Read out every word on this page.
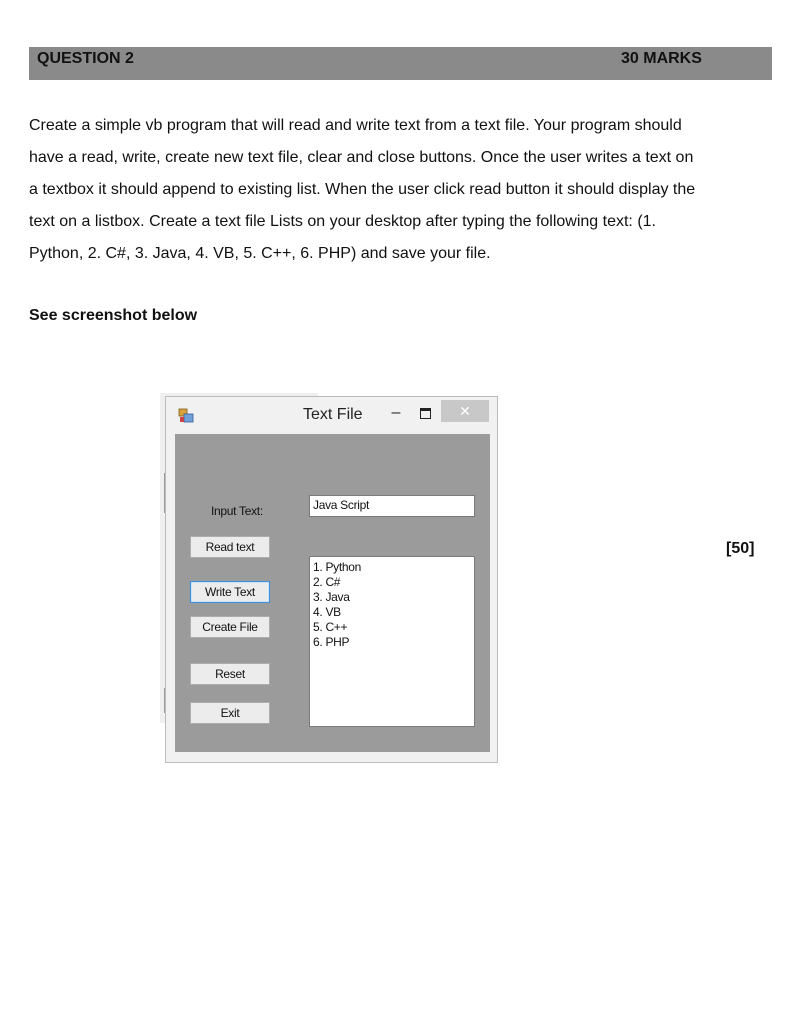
QUESTION 2	30 MARKS

Create a simple vb program that will read and write text from a text file. Your program should

have a read, write, create new text file, clear and close buttons. Once the user writes a text on

a textbox it should append to existing list. When the user click read button it should display the

text on a listbox. Create a text file Lists on your desktop after typing the following text: (1.

Python, 2. C#, 3. Java, 4. VB, 5. C++, 6. PHP) and save your file.

See screenshot below
[50]
Text File –	✕
Input Text:	Java Script
Read text
Write Text
Create File
Reset
Exit
1. Python
2. C#
3. Java
4. VB
5. C++
6. PHP
